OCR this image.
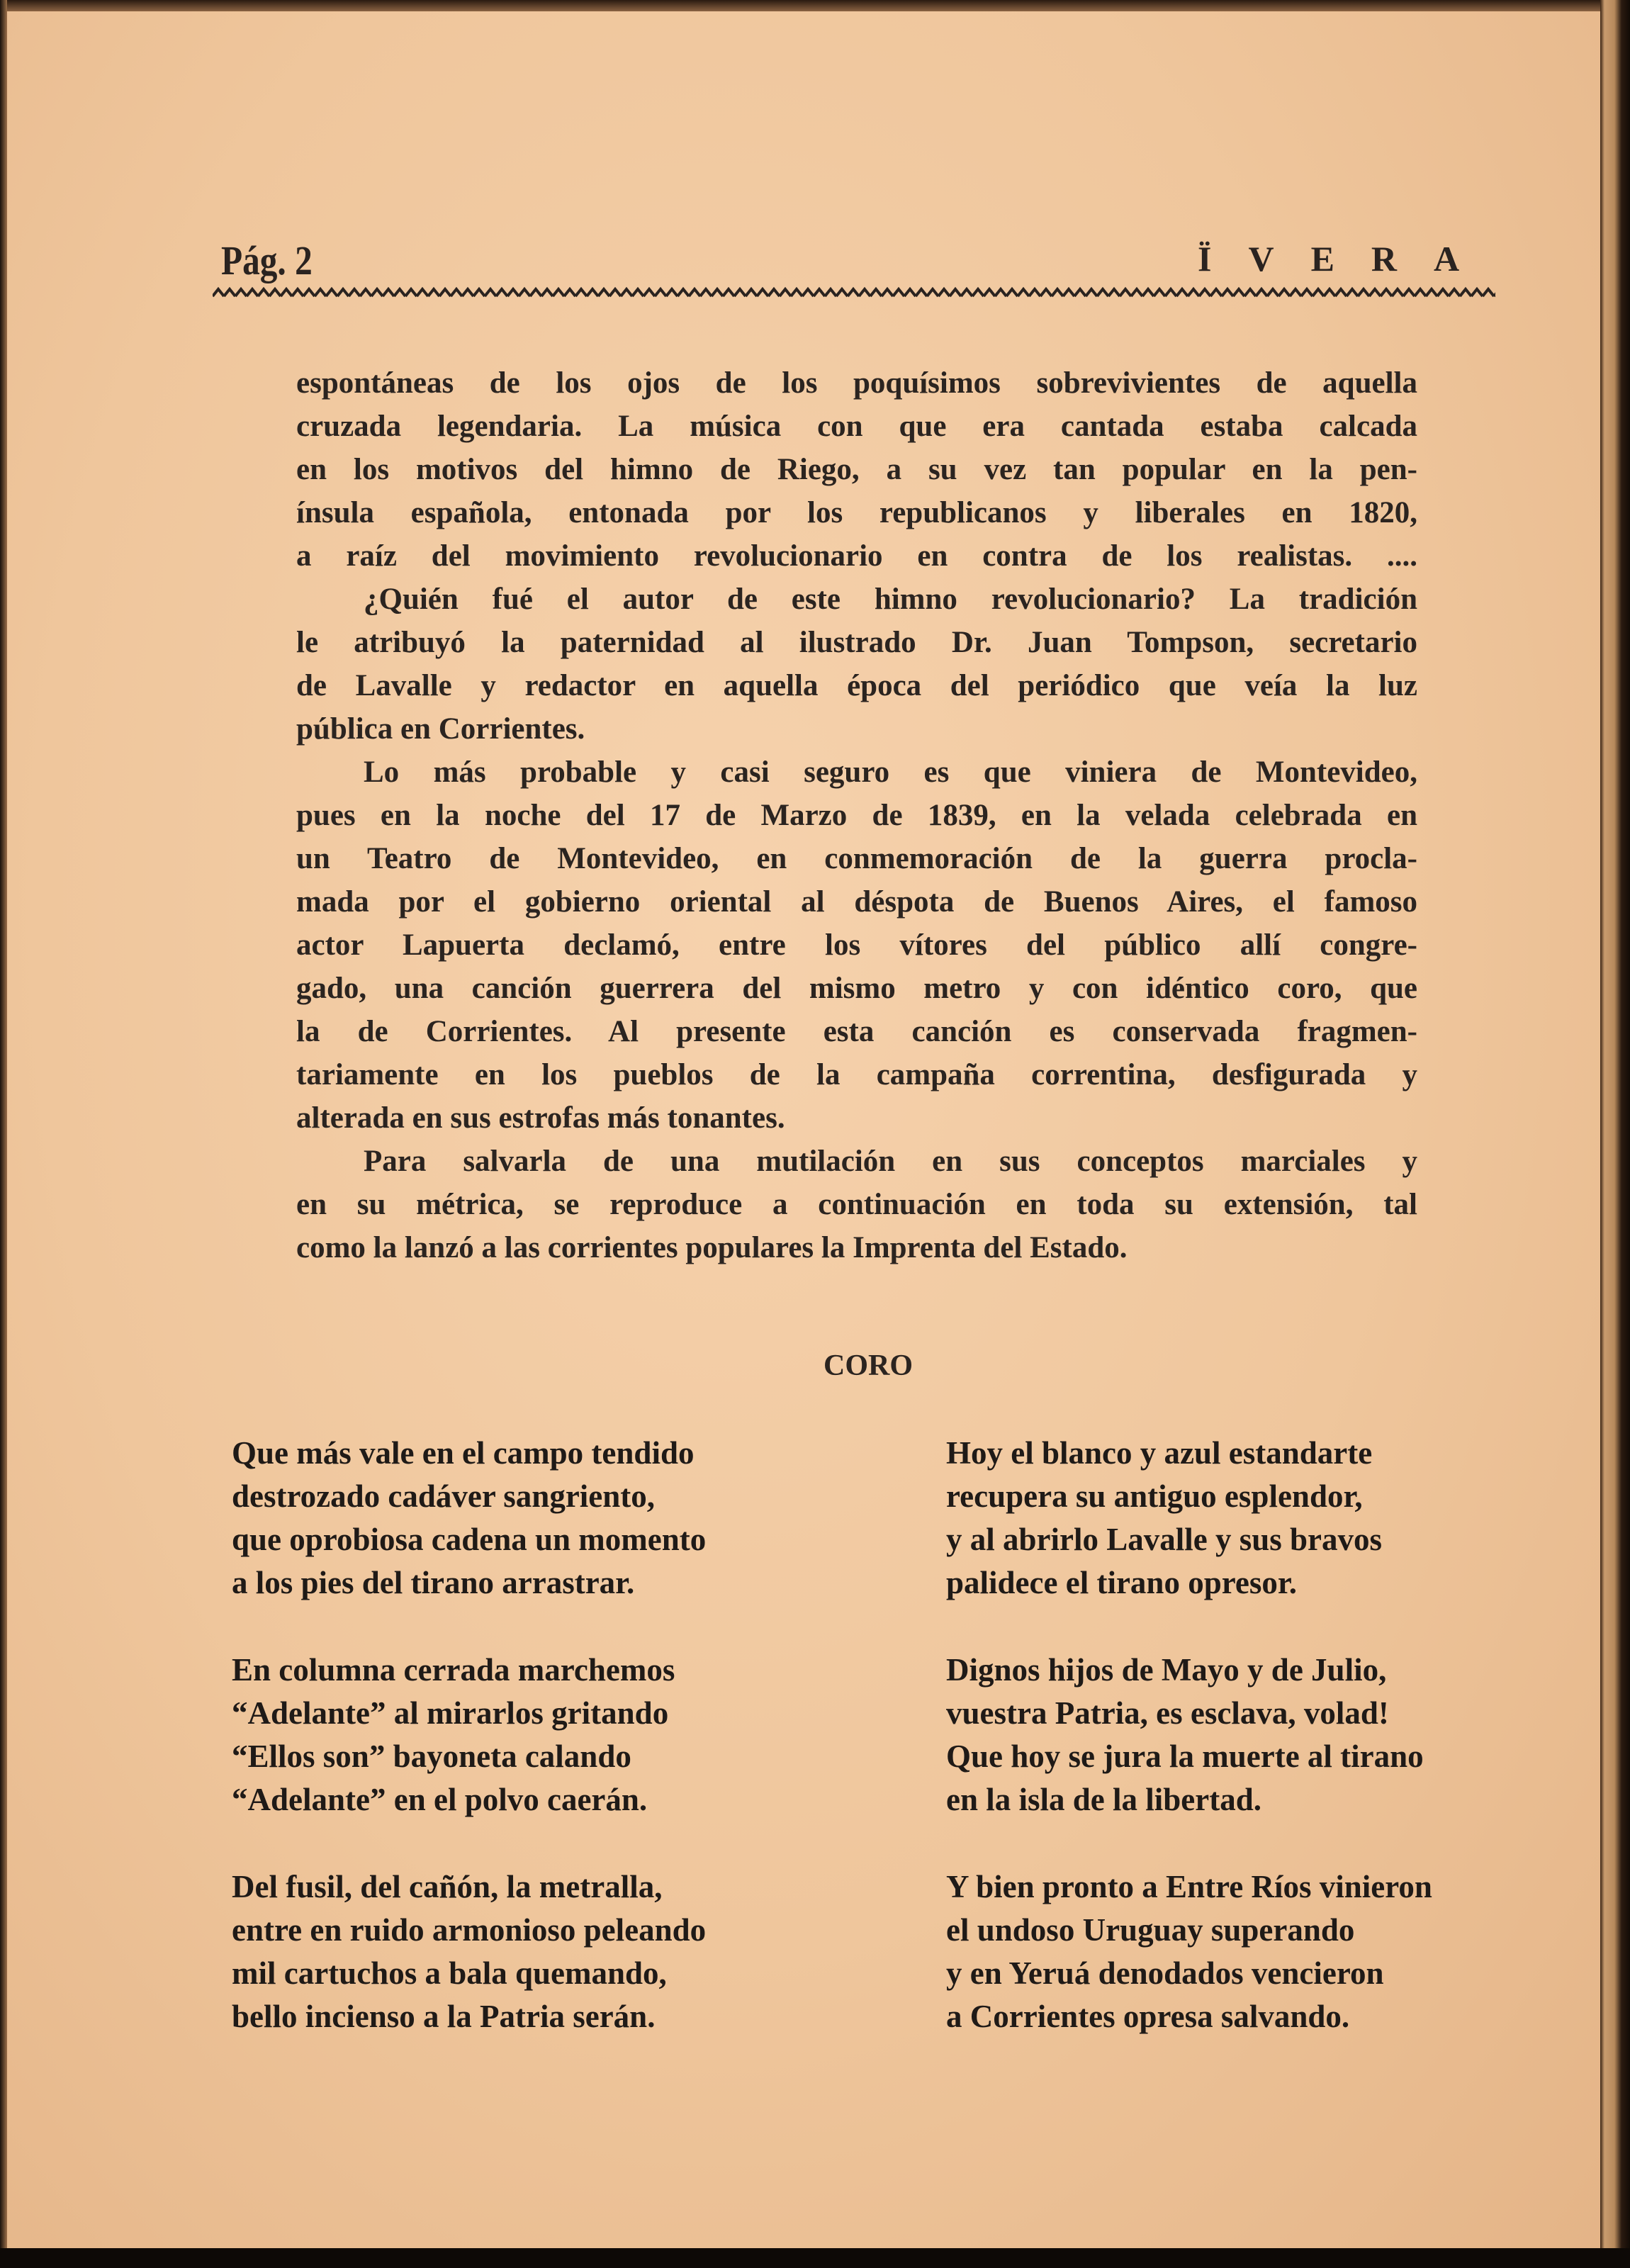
Pág. 2	ÏVERA
espontáneas de los ojos de los poquísimos sobrevivientes de aquella
cruzada legendaria. La música con que era cantada estaba calcada
en los motivos del himno de Riego, a su vez tan popular en la pen-
ínsula española, entonada por los republicanos y liberales en 1820,
a raíz del movimiento revolucionario en contra de los realistas. ....
¿Quién fué el autor de este himno revolucionario? La tradición
le atribuyó la paternidad al ilustrado Dr. Juan Tompson, secretario
de Lavalle y redactor en aquella época del periódico que veía la luz
pública en Corrientes.
Lo más probable y casi seguro es que viniera de Montevideo,
pues en la noche del 17 de Marzo de 1839, en la velada celebrada en
un Teatro de Montevideo, en conmemoración de la guerra procla-
mada por el gobierno oriental al déspota de Buenos Aires, el famoso
actor Lapuerta declamó, entre los vítores del público allí congre-
gado, una canción guerrera del mismo metro y con idéntico coro, que
la de Corrientes. Al presente esta canción es conservada fragmen-
tariamente en los pueblos de la campaña correntina, desfigurada y
alterada en sus estrofas más tonantes.
Para salvarla de una mutilación en sus conceptos marciales y
en su métrica, se reproduce a continuación en toda su extensión, tal
como la lanzó a las corrientes populares la Imprenta del Estado.
CORO
Que más vale en el campo tendido
destrozado cadáver sangriento,
que oprobiosa cadena un momento
a los pies del tirano arrastrar.
En columna cerrada marchemos
“Adelante” al mirarlos gritando
“Ellos son” bayoneta calando
“Adelante” en el polvo caerán.
Del fusil, del cañón, la metralla,
entre en ruido armonioso peleando
mil cartuchos a bala quemando,
bello incienso a la Patria serán.
Hoy el blanco y azul estandarte
recupera su antiguo esplendor,
y al abrirlo Lavalle y sus bravos
palidece el tirano opresor.
Dignos hijos de Mayo y de Julio,
vuestra Patria, es esclava, volad!
Que hoy se jura la muerte al tirano
en la isla de la libertad.
Y bien pronto a Entre Ríos vinieron
el undoso Uruguay superando
y en Yeruá denodados vencieron
a Corrientes opresa salvando.
